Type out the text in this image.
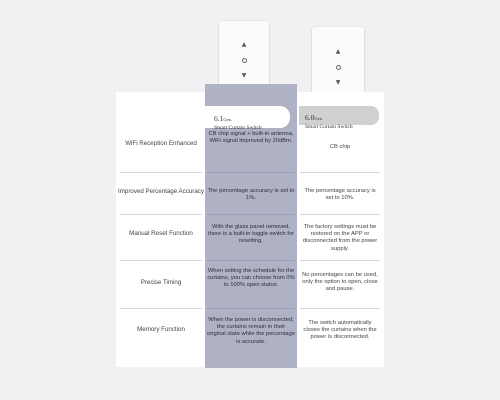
▲
▼
▲
▼
6.1Gen.
Smart Curtain Switch
6.0Gen.
Smart Curtain Switch
WiFi Reception Enhanced
CB chip signal + built-in antenna, WiFi signal improved by 20dBm.
CB chip
Improved Percentage Accuracy The percentage accuracy is set to 1%.
The percentage accuracy is set to 10%.
Manual Reset Function
With the glass panel removed, there is a built-in toggle switch for resetting.
The factory settings must be restored on the APP or disconnected from the power supply.
Precise Timing
When setting the schedule for the curtains, you can choose from 0% to 100% open status.
No percentages can be used, only the option to open, close and pause.
Memory Function
When the power is disconnected, the curtains remain in their original state while the percentage is accurate.
The switch automatically closes the curtains when the power is disconnected.
